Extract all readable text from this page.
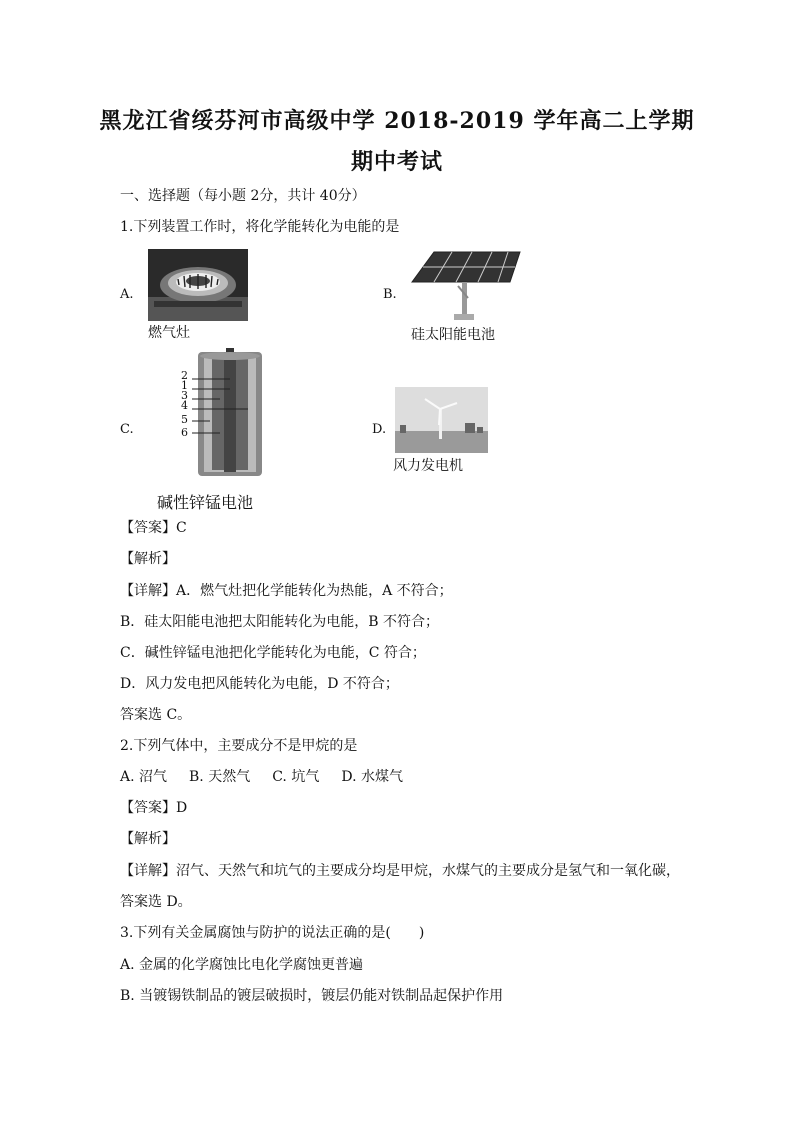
黑龙江省绥芬河市高级中学 2018-2019 学年高二上学期
期中考试
一、选择题（每小题 2分，共计 40分）
1.下列装置工作时，将化学能转化为电能的是
A.
燃气灶
B.
硅太阳能电池
C.
2
1
3
4
5
6
碱性锌锰电池
D.
风力发电机
【答案】C
【解析】
【详解】A．燃气灶把化学能转化为热能，A 不符合；
B．硅太阳能电池把太阳能转化为电能，B 不符合；
C．碱性锌锰电池把化学能转化为电能，C 符合；
D．风力发电把风能转化为电能，D 不符合；
答案选 C。
2.下列气体中，主要成分不是甲烷的是
A. 沼气 B. 天然气 C. 坑气 D. 水煤气
【答案】D
【解析】
【详解】沼气、天然气和坑气的主要成分均是甲烷，水煤气的主要成分是氢气和一氧化碳，
答案选 D。
3.下列有关金属腐蚀与防护的说法正确的是(　　)
A. 金属的化学腐蚀比电化学腐蚀更普遍
B. 当镀锡铁制品的镀层破损时，镀层仍能对铁制品起保护作用
